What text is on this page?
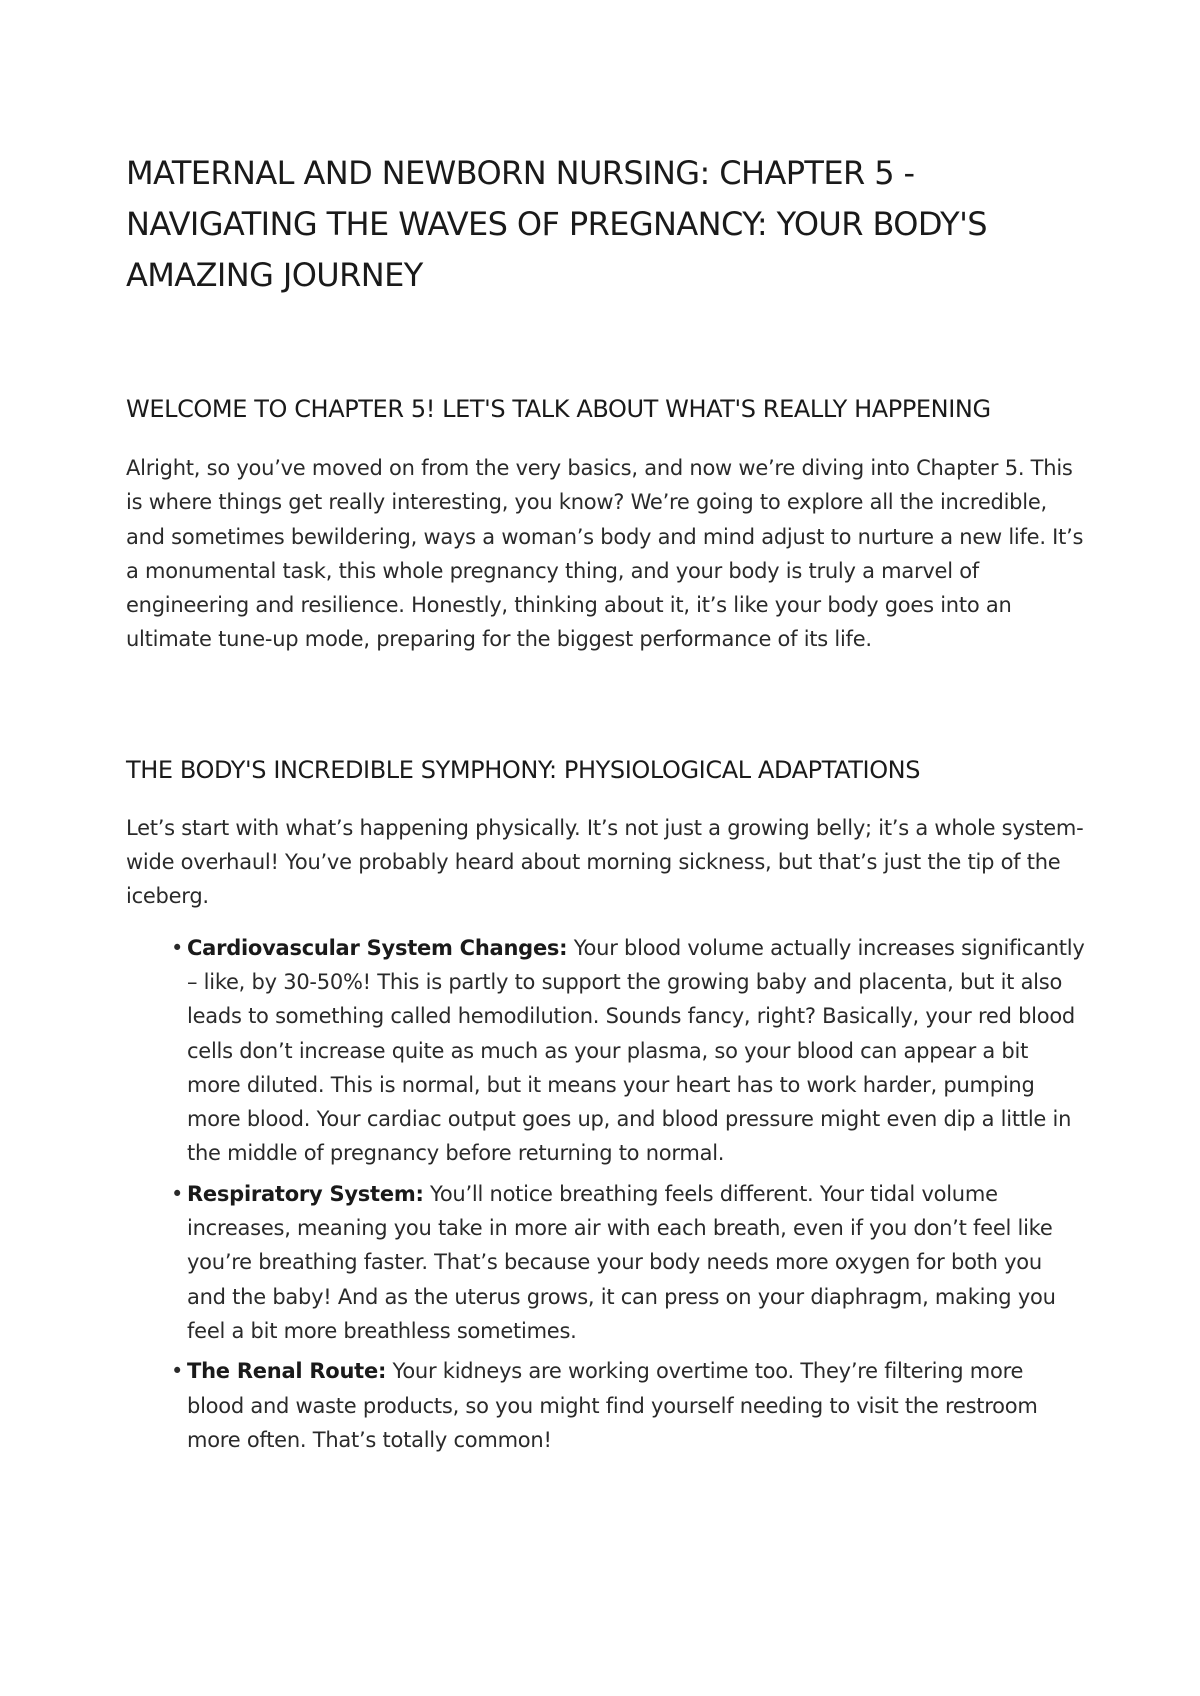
MATERNAL AND NEWBORN NURSING: CHAPTER 5 - NAVIGATING THE WAVES OF PREGNANCY: YOUR BODY'S AMAZING JOURNEY
WELCOME TO CHAPTER 5! LET'S TALK ABOUT WHAT'S REALLY HAPPENING

Alright, so you’ve moved on from the very basics, and now we’re diving into Chapter 5. This is where things get really interesting, you know? We’re going to explore all the incredible, and sometimes bewildering, ways a woman’s body and mind adjust to nurture a new life. It’s a monumental task, this whole pregnancy thing, and your body is truly a marvel of engineering and resilience. Honestly, thinking about it, it’s like your body goes into an ultimate tune-up mode, preparing for the biggest performance of its life.

THE BODY'S INCREDIBLE SYMPHONY: PHYSIOLOGICAL ADAPTATIONS

Let’s start with what’s happening physically. It’s not just a growing belly; it’s a whole system-wide overhaul! You’ve probably heard about morning sickness, but that’s just the tip of the iceberg.

• Cardiovascular System Changes: Your blood volume actually increases significantly – like, by 30-50%! This is partly to support the growing baby and placenta, but it also leads to something called hemodilution. Sounds fancy, right? Basically, your red blood cells don’t increase quite as much as your plasma, so your blood can appear a bit more diluted. This is normal, but it means your heart has to work harder, pumping more blood. Your cardiac output goes up, and blood pressure might even dip a little in the middle of pregnancy before returning to normal.
• Respiratory System: You’ll notice breathing feels different. Your tidal volume increases, meaning you take in more air with each breath, even if you don’t feel like you’re breathing faster. That’s because your body needs more oxygen for both you and the baby! And as the uterus grows, it can press on your diaphragm, making you feel a bit more breathless sometimes.
• The Renal Route: Your kidneys are working overtime too. They’re filtering more blood and waste products, so you might find yourself needing to visit the restroom more often. That’s totally common!
